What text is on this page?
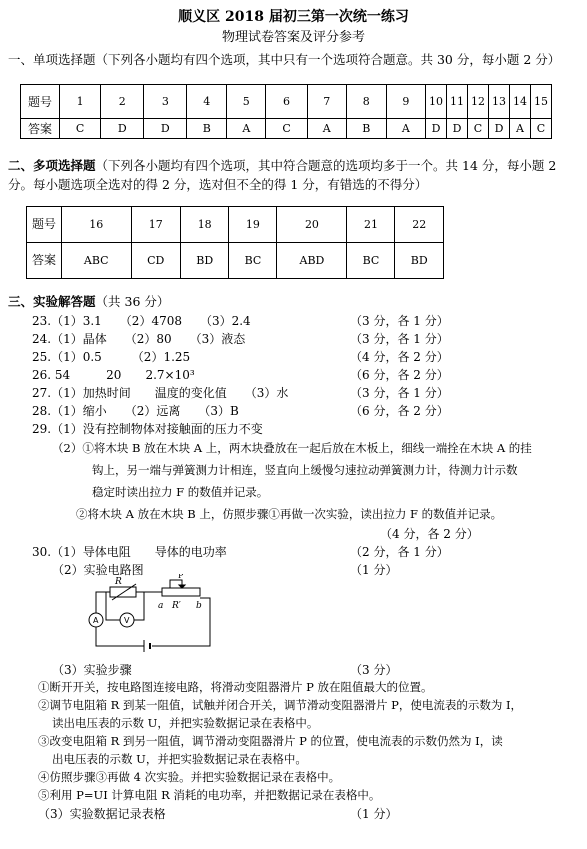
顺义区 2018 届初三第一次统一练习
物理试卷答案及评分参考
一、单项选择题（下列各小题均有四个选项，其中只有一个选项符合题意。共 30 分，每小题 2 分）
题号	1	2	3	4	5	6	7	8	9	10	11	12	13	14	15
答案	C	D	D	B	A	C	A	B	A	D	D	C	D	A	C
二、多项选择题（下列各小题均有四个选项，其中符合题意的选项均多于一个。共 14 分，每小题 2
分。每小题选项全选对的得 2 分，选对但不全的得 1 分，有错选的不得分）
题号	16	17	18	19	20	21	22
答案	ABC	CD	BD	BC	ABD	BC	BD
三、实验解答题（共 36 分）
23.（1）3.1　　（2）4708　　（3）2.4	（3 分，各 1 分）
24.（1）晶体　　（2）80　　（3）液态	（3 分，各 1 分）
25.（1）0.5　　　（2）1.25	（4 分，各 2 分）
26. 54　　　20　　2.7×10³	（6 分，各 2 分）
27.（1）加热时间　　温度的变化值　　（3）水	（3 分，各 1 分）
28.（1）缩小　　（2）远离　　（3）B	（6 分，各 2 分）
29.（1）没有控制物体对接触面的压力不变
（2）①将木块 B 放在木块 A 上，两木块叠放在一起后放在木板上，细线一端拴在木块 A 的挂
钩上，另一端与弹簧测力计相连，竖直向上缓慢匀速拉动弹簧测力计，待测力计示数
稳定时读出拉力 F 的数值并记录。
②将木块 A 放在木块 B 上，仿照步骤①再做一次实验，读出拉力 F 的数值并记录。
（4 分，各 2 分）
30.（1）导体电阻　　导体的电功率	（2 分，各 1 分）
（2）实验电路图	（1 分）
R
P
a R′ b
A	V
（3）实验步骤	（3 分）
①断开开关，按电路图连接电路，将滑动变阻器滑片 P 放在阻值最大的位置。
②调节电阻箱 R 到某一阻值，试触并闭合开关，调节滑动变阻器滑片 P，使电流表的示数为 I，
读出电压表的示数 U，并把实验数据记录在表格中。
③改变电阻箱 R 到另一阻值，调节滑动变阻器滑片 P 的位置，使电流表的示数仍然为 I，读
出电压表的示数 U，并把实验数据记录在表格中。
④仿照步骤③再做 4 次实验。并把实验数据记录在表格中。
⑤利用 P=UI 计算电阻 R 消耗的电功率，并把数据记录在表格中。
（3）实验数据记录表格	（1 分）
